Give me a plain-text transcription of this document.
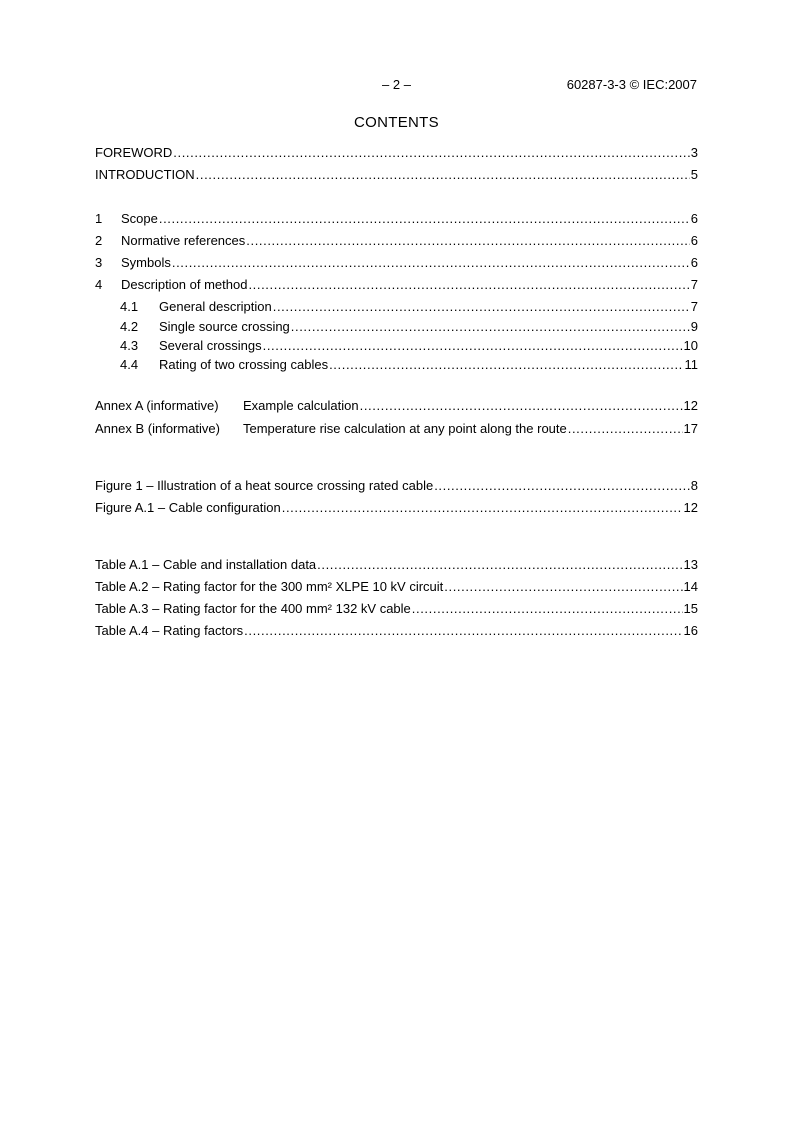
– 2 –	60287-3-3 © IEC:2007
CONTENTS
FOREWORD .....	3
INTRODUCTION .....	5
1	Scope .....	6
2	Normative references .....	6
3	Symbols .....	6
4	Description of method .....	7
4.1	General description .....	7
4.2	Single source crossing .....	9
4.3	Several crossings .....	10
4.4	Rating of two crossing cables .....	11
Annex A (informative)	Example calculation .....	12
Annex B (informative)	Temperature rise calculation at any point along the route .....	17
Figure 1 – Illustration of a heat source crossing rated cable .....	8
Figure A.1 – Cable configuration .....	12
Table A.1 – Cable and installation data .....	13
Table A.2 – Rating factor for the 300 mm² XLPE 10 kV circuit .....	14
Table A.3 – Rating factor for the 400 mm² 132 kV cable .....	15
Table A.4 – Rating factors .....	16
